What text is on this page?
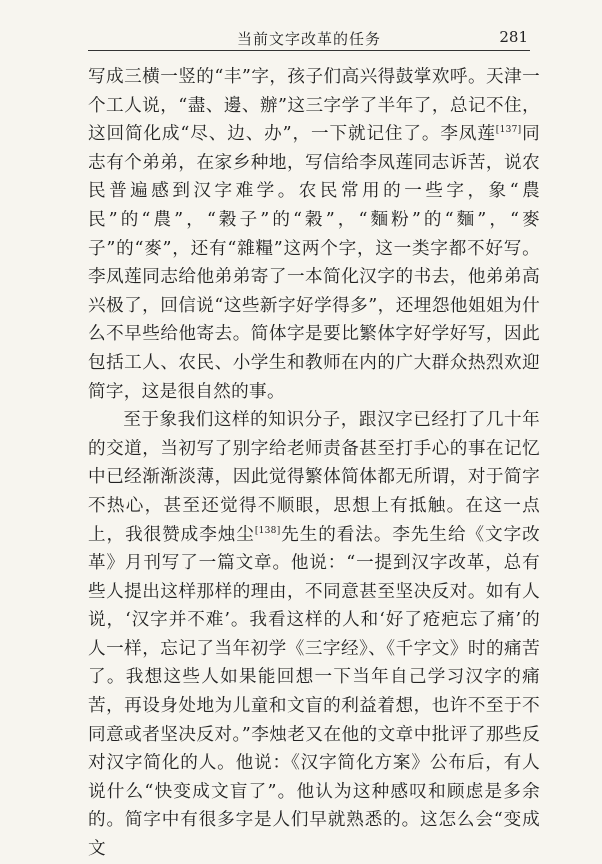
当前文字改革的任务	281

写成三横一竖的“丰”字，孩子们高兴得鼓掌欢呼。天津一个工人说，“盡、邊、辦”这三字学了半年了，总记不住，这回简化成“尽、边、办”，一下就记住了。李凤莲[137]同志有个弟弟，在家乡种地，写信给李凤莲同志诉苦，说农民普遍感到汉字难学。农民常用的一些字，象“農民”的“農”，“穀子”的“穀”，“麵粉”的“麵”，“麥子”的“麥”，还有“雜糧”这两个字，这一类字都不好写。李凤莲同志给他弟弟寄了一本简化汉字的书去，他弟弟高兴极了，回信说“这些新字好学得多”，还埋怨他姐姐为什么不早些给他寄去。简体字是要比繁体字好学好写，因此包括工人、农民、小学生和教师在内的广大群众热烈欢迎简字，这是很自然的事。

至于象我们这样的知识分子，跟汉字已经打了几十年的交道，当初写了别字给老师责备甚至打手心的事在记忆中已经渐渐淡薄，因此觉得繁体简体都无所谓，对于简字不热心，甚至还觉得不顺眼，思想上有抵触。在这一点上，我很赞成李烛尘[138]先生的看法。李先生给《文字改革》月刊写了一篇文章。他说：“一提到汉字改革，总有些人提出这样那样的理由，不同意甚至坚决反对。如有人说，‘汉字并不难’。我看这样的人和‘好了疮疤忘了痛’的人一样，忘记了当年初学《三字经》、《千字文》时的痛苦了。我想这些人如果能回想一下当年自己学习汉字的痛苦，再设身处地为儿童和文盲的利益着想，也许不至于不同意或者坚决反对。”李烛老又在他的文章中批评了那些反对汉字简化的人。他说：《汉字简化方案》公布后，有人说什么“快变成文盲了”。他认为这种感叹和顾虑是多余的。简字中有很多字是人们早就熟悉的。这怎么会“变成文
